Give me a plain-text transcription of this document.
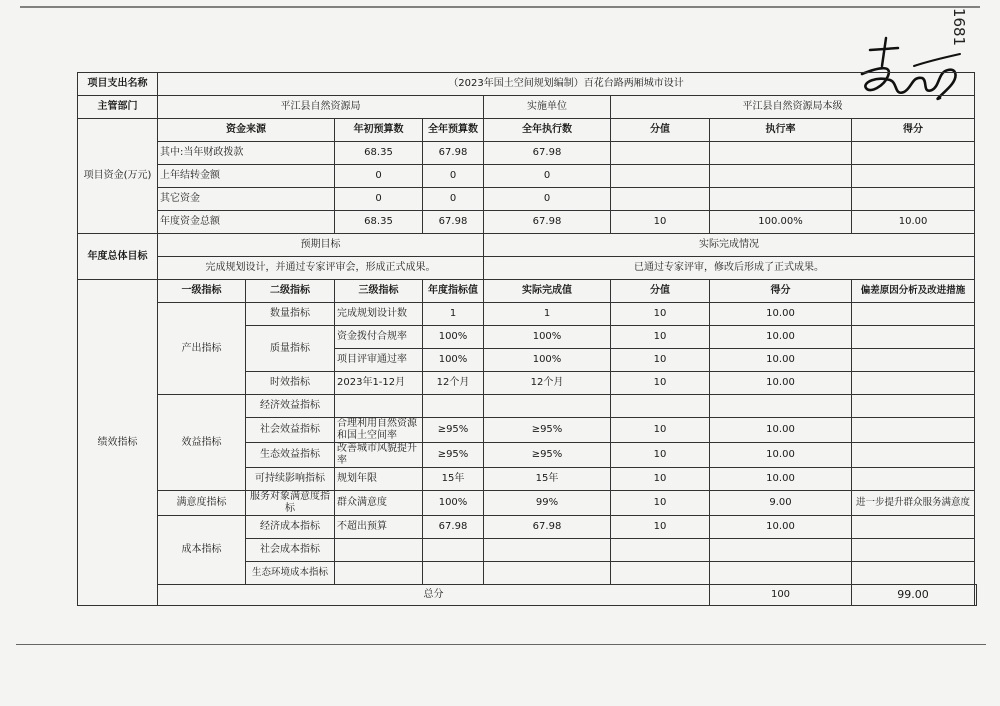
1681
项目支出名称	（2023年国土空间规划编制）百花台路两厢城市设计								
主管部门	平江县自然资源局				实施单位	平江县自然资源局本级			
项目资金(万元)	资金来源		年初预算数	全年预算数	全年执行数	分值	执行率	得分	
	其中:当年财政拨款		68.35	67.98	67.98				
	上年结转金额		0	0	0				
	其它资金		0	0	0				
	年度资金总额		68.35	67.98	67.98	10	100.00%	10.00	
年度总体目标	预期目标				实际完成情况				
	完成规划设计，并通过专家评审会，形成正式成果。				已通过专家评审，修改后形成了正式成果。				
绩效指标	一级指标	二级指标	三级指标	年度指标值	实际完成值	分值	得分	偏差原因分析及改进措施	
	产出指标	数量指标	完成规划设计数	1	1	10	10.00		
		质量指标	资金拨付合规率	100%	100%	10	10.00		
			项目评审通过率	100%	100%	10	10.00		
		时效指标	2023年1-12月	12个月	12个月	10	10.00		
	效益指标	经济效益指标							
		社会效益指标	合理利用自然资源和国土空间率	≥95%	≥95%	10	10.00		
		生态效益指标	改善城市风貌提升率	≥95%	≥95%	10	10.00		
		可持续影响指标	规划年限	15年	15年	10	10.00		
	满意度指标	服务对象满意度指标	群众满意度	100%	99%	10	9.00	进一步提升群众服务满意度	
	成本指标	经济成本指标	不超出预算	67.98	67.98	10	10.00		
		社会成本指标							
		生态环境成本指标							
	总分						100	99.00	
